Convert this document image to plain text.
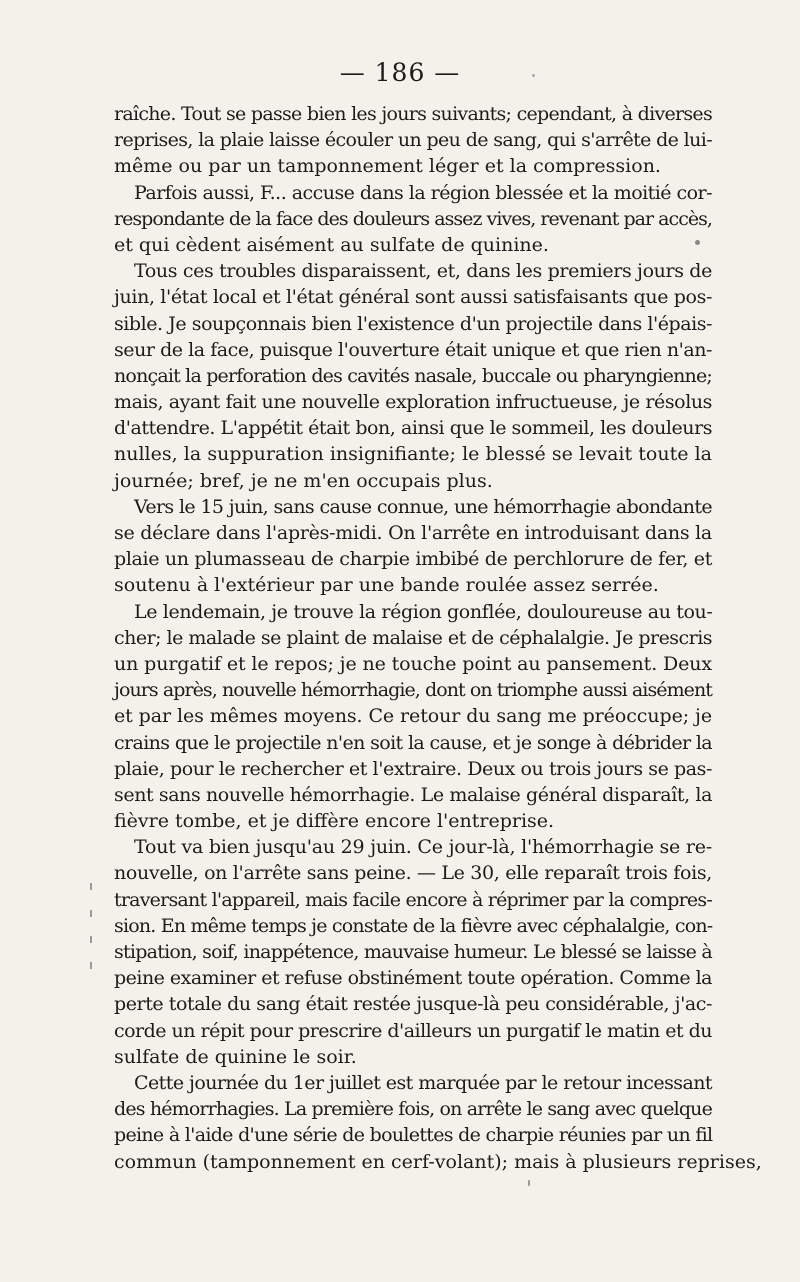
— 186 —
raîche. Tout se passe bien les jours suivants; cependant, à diverses
reprises, la plaie laisse écouler un peu de sang, qui s'arrête de lui-
même ou par un tamponnement léger et la compression.
Parfois aussi, F... accuse dans la région blessée et la moitié cor-
respondante de la face des douleurs assez vives, revenant par accès,
et qui cèdent aisément au sulfate de quinine.
Tous ces troubles disparaissent, et, dans les premiers jours de
juin, l'état local et l'état général sont aussi satisfaisants que pos-
sible. Je soupçonnais bien l'existence d'un projectile dans l'épais-
seur de la face, puisque l'ouverture était unique et que rien n'an-
nonçait la perforation des cavités nasale, buccale ou pharyngienne;
mais, ayant fait une nouvelle exploration infructueuse, je résolus
d'attendre. L'appétit était bon, ainsi que le sommeil, les douleurs
nulles, la suppuration insignifiante; le blessé se levait toute la
journée; bref, je ne m'en occupais plus.
Vers le 15 juin, sans cause connue, une hémorrhagie abondante
se déclare dans l'après-midi. On l'arrête en introduisant dans la
plaie un plumasseau de charpie imbibé de perchlorure de fer, et
soutenu à l'extérieur par une bande roulée assez serrée.
Le lendemain, je trouve la région gonflée, douloureuse au tou-
cher; le malade se plaint de malaise et de céphalalgie. Je prescris
un purgatif et le repos; je ne touche point au pansement. Deux
jours après, nouvelle hémorrhagie, dont on triomphe aussi aisément
et par les mêmes moyens. Ce retour du sang me préoccupe; je
crains que le projectile n'en soit la cause, et je songe à débrider la
plaie, pour le rechercher et l'extraire. Deux ou trois jours se pas-
sent sans nouvelle hémorrhagie. Le malaise général disparaît, la
fièvre tombe, et je diffère encore l'entreprise.
Tout va bien jusqu'au 29 juin. Ce jour-là, l'hémorrhagie se re-
nouvelle, on l'arrête sans peine. — Le 30, elle reparaît trois fois,
traversant l'appareil, mais facile encore à réprimer par la compres-
sion. En même temps je constate de la fièvre avec céphalalgie, con-
stipation, soif, inappétence, mauvaise humeur. Le blessé se laisse à
peine examiner et refuse obstinément toute opération. Comme la
perte totale du sang était restée jusque-là peu considérable, j'ac-
corde un répit pour prescrire d'ailleurs un purgatif le matin et du
sulfate de quinine le soir.
Cette journée du 1er juillet est marquée par le retour incessant
des hémorrhagies. La première fois, on arrête le sang avec quelque
peine à l'aide d'une série de boulettes de charpie réunies par un fil
commun (tamponnement en cerf-volant); mais à plusieurs reprises,
